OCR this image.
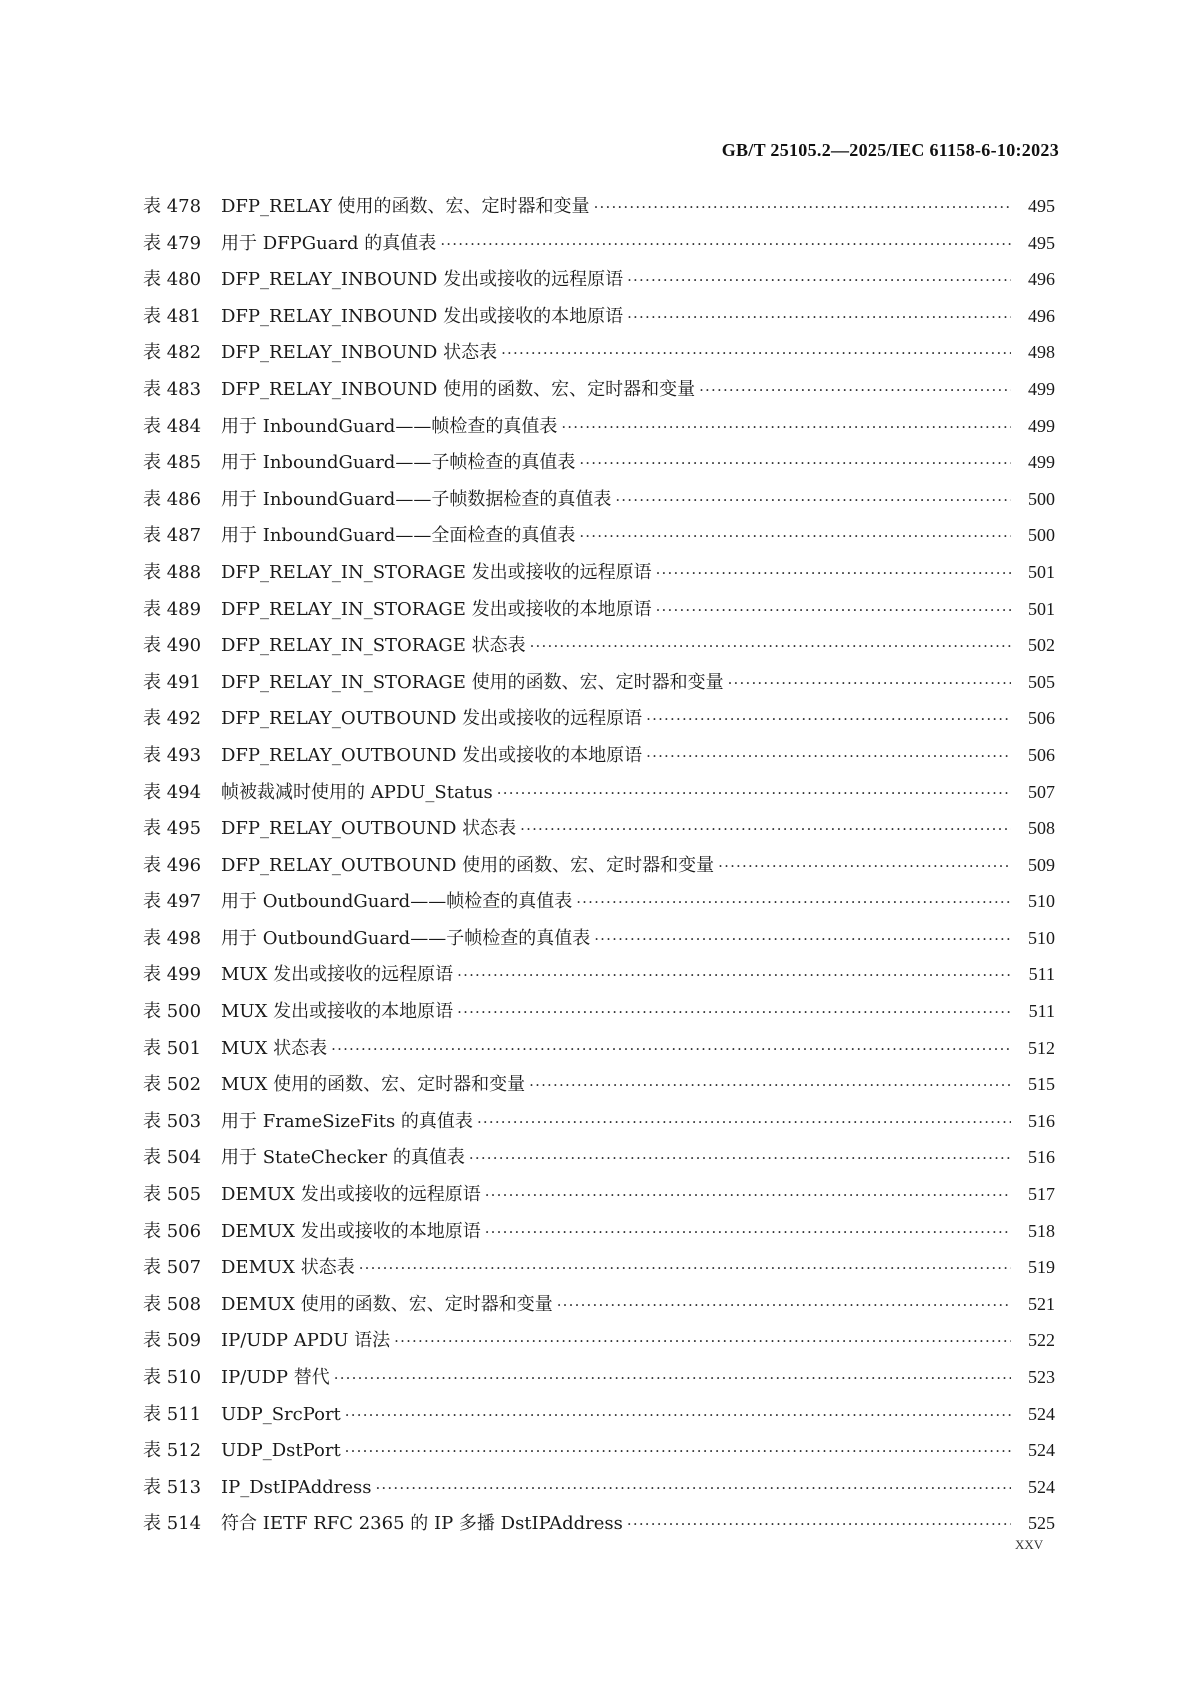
GB/T 25105.2—2025/IEC 61158-6-10:2023
表 478	DFP_RELAY 使用的函数、宏、定时器和变量 ·····	495
表 479	用于 DFPGuard 的真值表 ·····	495
表 480	DFP_RELAY_INBOUND 发出或接收的远程原语 ·····	496
表 481	DFP_RELAY_INBOUND 发出或接收的本地原语 ·····	496
表 482	DFP_RELAY_INBOUND 状态表 ·····	498
表 483	DFP_RELAY_INBOUND 使用的函数、宏、定时器和变量 ·····	499
表 484	用于 InboundGuard——帧检查的真值表 ·····	499
表 485	用于 InboundGuard——子帧检查的真值表 ·····	499
表 486	用于 InboundGuard——子帧数据检查的真值表 ·····	500
表 487	用于 InboundGuard——全面检查的真值表 ·····	500
表 488	DFP_RELAY_IN_STORAGE 发出或接收的远程原语 ·····	501
表 489	DFP_RELAY_IN_STORAGE 发出或接收的本地原语 ·····	501
表 490	DFP_RELAY_IN_STORAGE 状态表 ·····	502
表 491	DFP_RELAY_IN_STORAGE 使用的函数、宏、定时器和变量 ·····	505
表 492	DFP_RELAY_OUTBOUND 发出或接收的远程原语 ·····	506
表 493	DFP_RELAY_OUTBOUND 发出或接收的本地原语 ·····	506
表 494	帧被裁减时使用的 APDU_Status ·····	507
表 495	DFP_RELAY_OUTBOUND 状态表 ·····	508
表 496	DFP_RELAY_OUTBOUND 使用的函数、宏、定时器和变量 ·····	509
表 497	用于 OutboundGuard——帧检查的真值表 ·····	510
表 498	用于 OutboundGuard——子帧检查的真值表 ·····	510
表 499	MUX 发出或接收的远程原语 ·····	511
表 500	MUX 发出或接收的本地原语 ·····	511
表 501	MUX 状态表 ·····	512
表 502	MUX 使用的函数、宏、定时器和变量 ·····	515
表 503	用于 FrameSizeFits 的真值表 ·····	516
表 504	用于 StateChecker 的真值表 ·····	516
表 505	DEMUX 发出或接收的远程原语 ·····	517
表 506	DEMUX 发出或接收的本地原语 ·····	518
表 507	DEMUX 状态表 ·····	519
表 508	DEMUX 使用的函数、宏、定时器和变量 ·····	521
表 509	IP/UDP APDU 语法 ·····	522
表 510	IP/UDP 替代 ·····	523
表 511	UDP_SrcPort ·····	524
表 512	UDP_DstPort ·····	524
表 513	IP_DstIPAddress ·····	524
表 514	符合 IETF RFC 2365 的 IP 多播 DstIPAddress ·····	525
XXV
